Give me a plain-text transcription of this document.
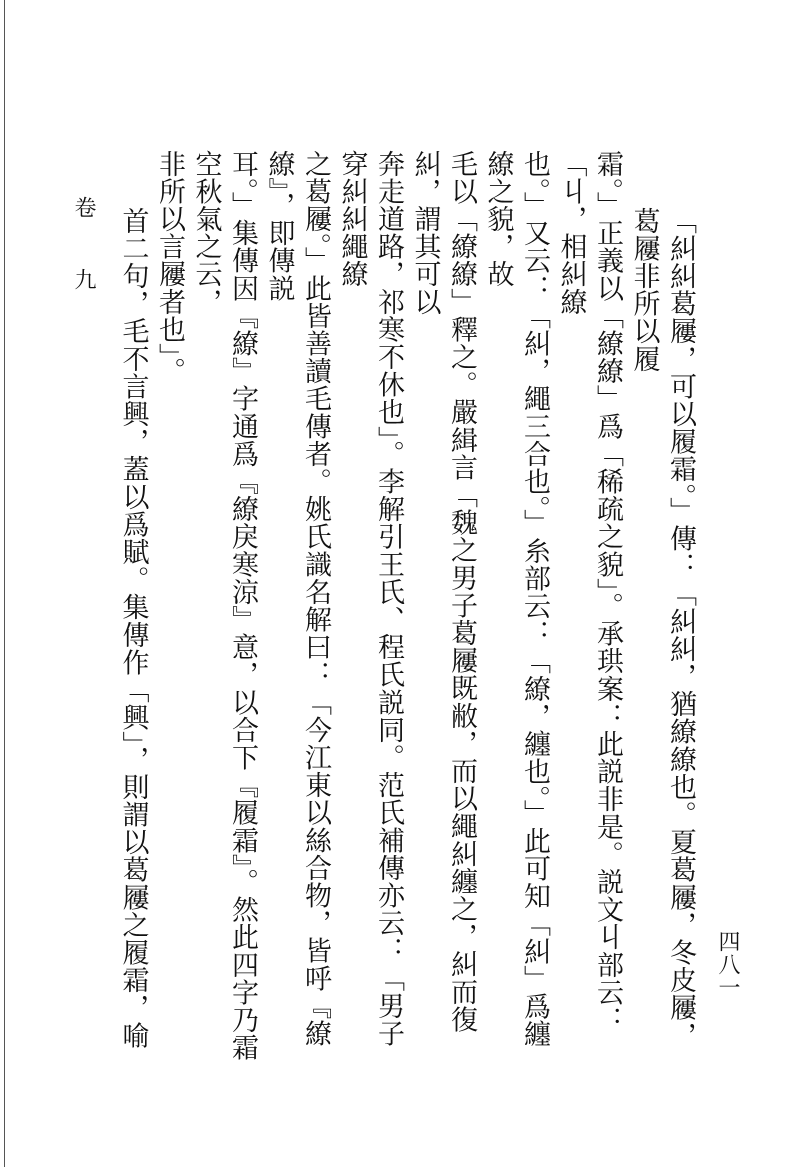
卷　九	「糾糾葛屨，可以履霜。」傳：「糾糾，猶繚繚也。夏葛屨，冬皮屨，葛屨非所以履
霜。」正義以「繚繚」爲「稀疏之貌」。承珙案：此説非是。説文丩部云：「丩，相糾繚
也。」又云：「糾，繩三合也。」糸部云：「繚，纏也。」此可知「糾」爲纏繚之貌，故
毛以「繚繚」釋之。嚴緝言「魏之男子葛屨既敝，而以繩糾纏之，糾而復糾，謂其可以
奔走道路，祁寒不休也」。李解引王氏、程氏説同。范氏補傳亦云：「男子穿糾糾繩繚
之葛屨。」此皆善讀毛傳者。姚氏識名解曰：「今江東以絲合物，皆呼『繚繚』，即傳説
耳。」集傳因『繚』字通爲『繚戾寒涼』意，以合下『履霜』。然此四字乃霜空秋氣之云，
非所以言屨者也」。
首二句，毛不言興，蓋以爲賦。集傳作「興」，則謂以葛屨之履霜，喻
四八一
